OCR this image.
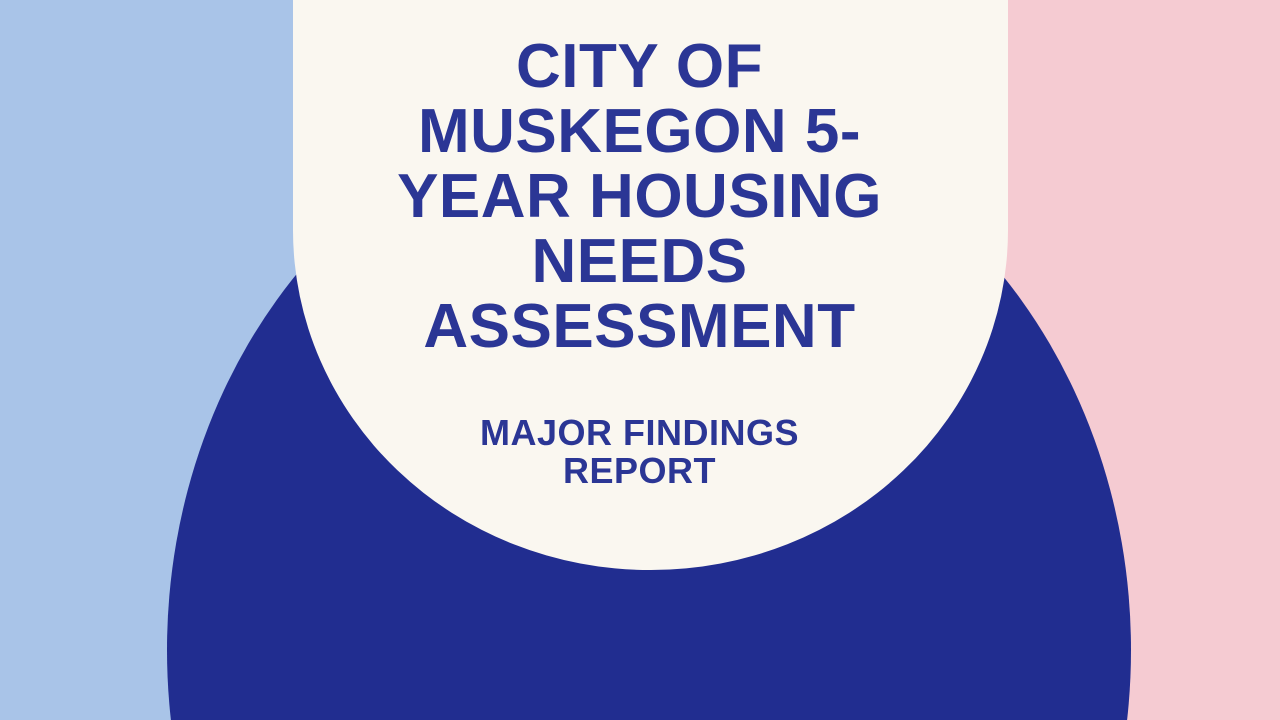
CITY OF
MUSKEGON 5-
YEAR HOUSING
NEEDS
ASSESSMENT
MAJOR FINDINGS
REPORT
